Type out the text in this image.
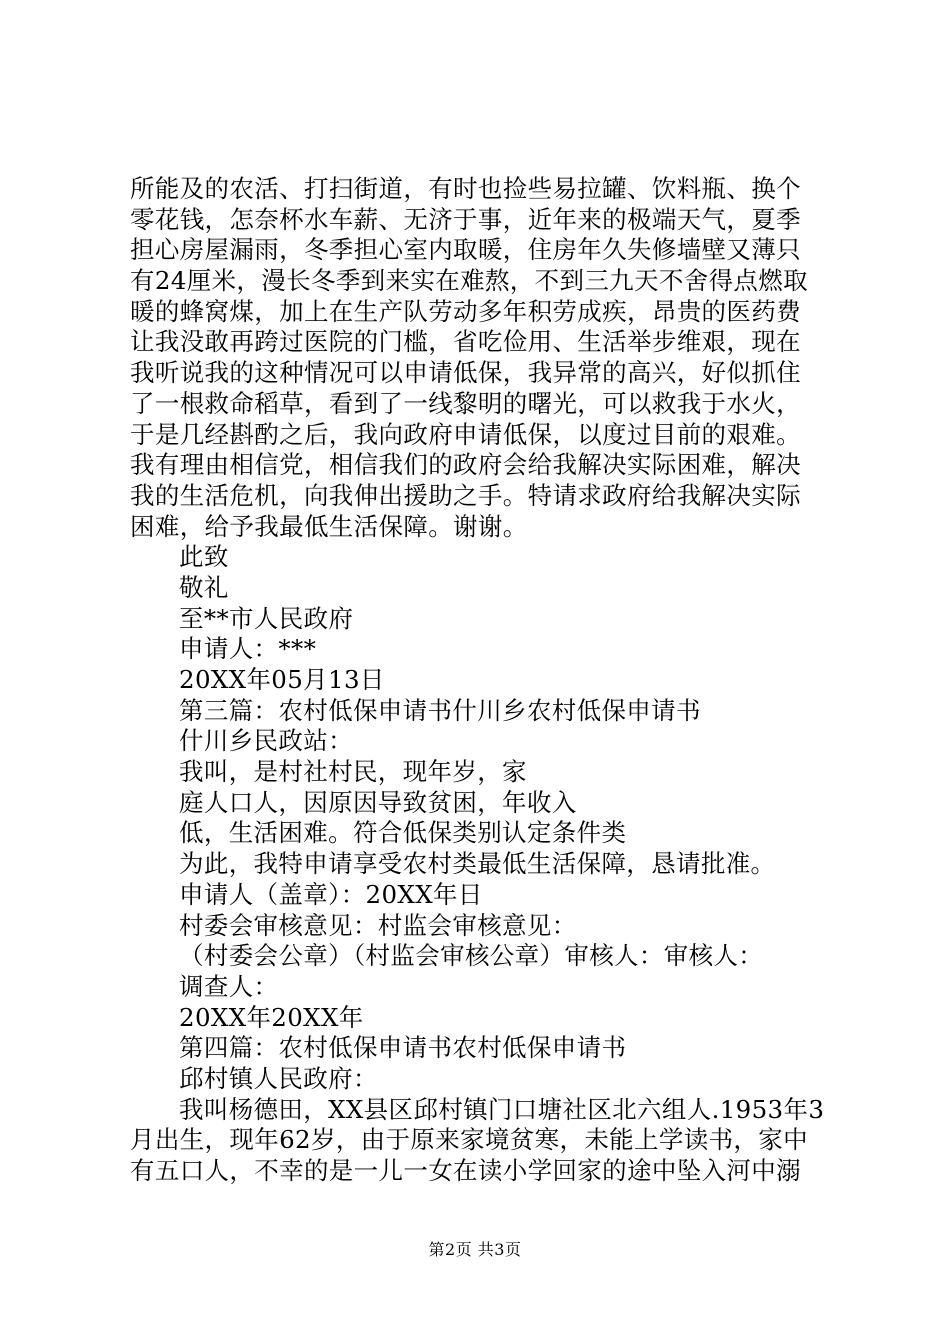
所能及的农活、打扫街道，有时也捡些易拉罐、饮料瓶、换个
零花钱，怎奈杯水车薪、无济于事，近年来的极端天气，夏季
担心房屋漏雨，冬季担心室内取暖，住房年久失修墙壁又薄只
有24厘米，漫长冬季到来实在难熬，不到三九天不舍得点燃取
暖的蜂窝煤，加上在生产队劳动多年积劳成疾，昂贵的医药费
让我没敢再跨过医院的门槛，省吃俭用、生活举步维艰，现在
我听说我的这种情况可以申请低保，我异常的高兴，好似抓住
了一根救命稻草，看到了一线黎明的曙光，可以救我于水火，
于是几经斟酌之后，我向政府申请低保，以度过目前的艰难。
我有理由相信党，相信我们的政府会给我解决实际困难，解决
我的生活危机，向我伸出援助之手。特请求政府给我解决实际
困难，给予我最低生活保障。谢谢。
此致
敬礼
至**市人民政府
申请人：***
20XX年05月13日
第三篇：农村低保申请书什川乡农村低保申请书
什川乡民政站：
我叫，是村社村民，现年岁，家
庭人口人，因原因导致贫困，年收入
低，生活困难。符合低保类别认定条件类
为此，我特申请享受农村类最低生活保障，恳请批准。
申请人（盖章）：20XX年日
村委会审核意见：村监会审核意见：
（村委会公章）（村监会审核公章）审核人：审核人：
调查人：
20XX年20XX年
第四篇：农村低保申请书农村低保申请书
邱村镇人民政府：
我叫杨德田，XX县区邱村镇门口塘社区北六组人.1953年3
月出生，现年62岁，由于原来家境贫寒，未能上学读书，家中
有五口人，不幸的是一儿一女在读小学回家的途中坠入河中溺
第2页 共3页
